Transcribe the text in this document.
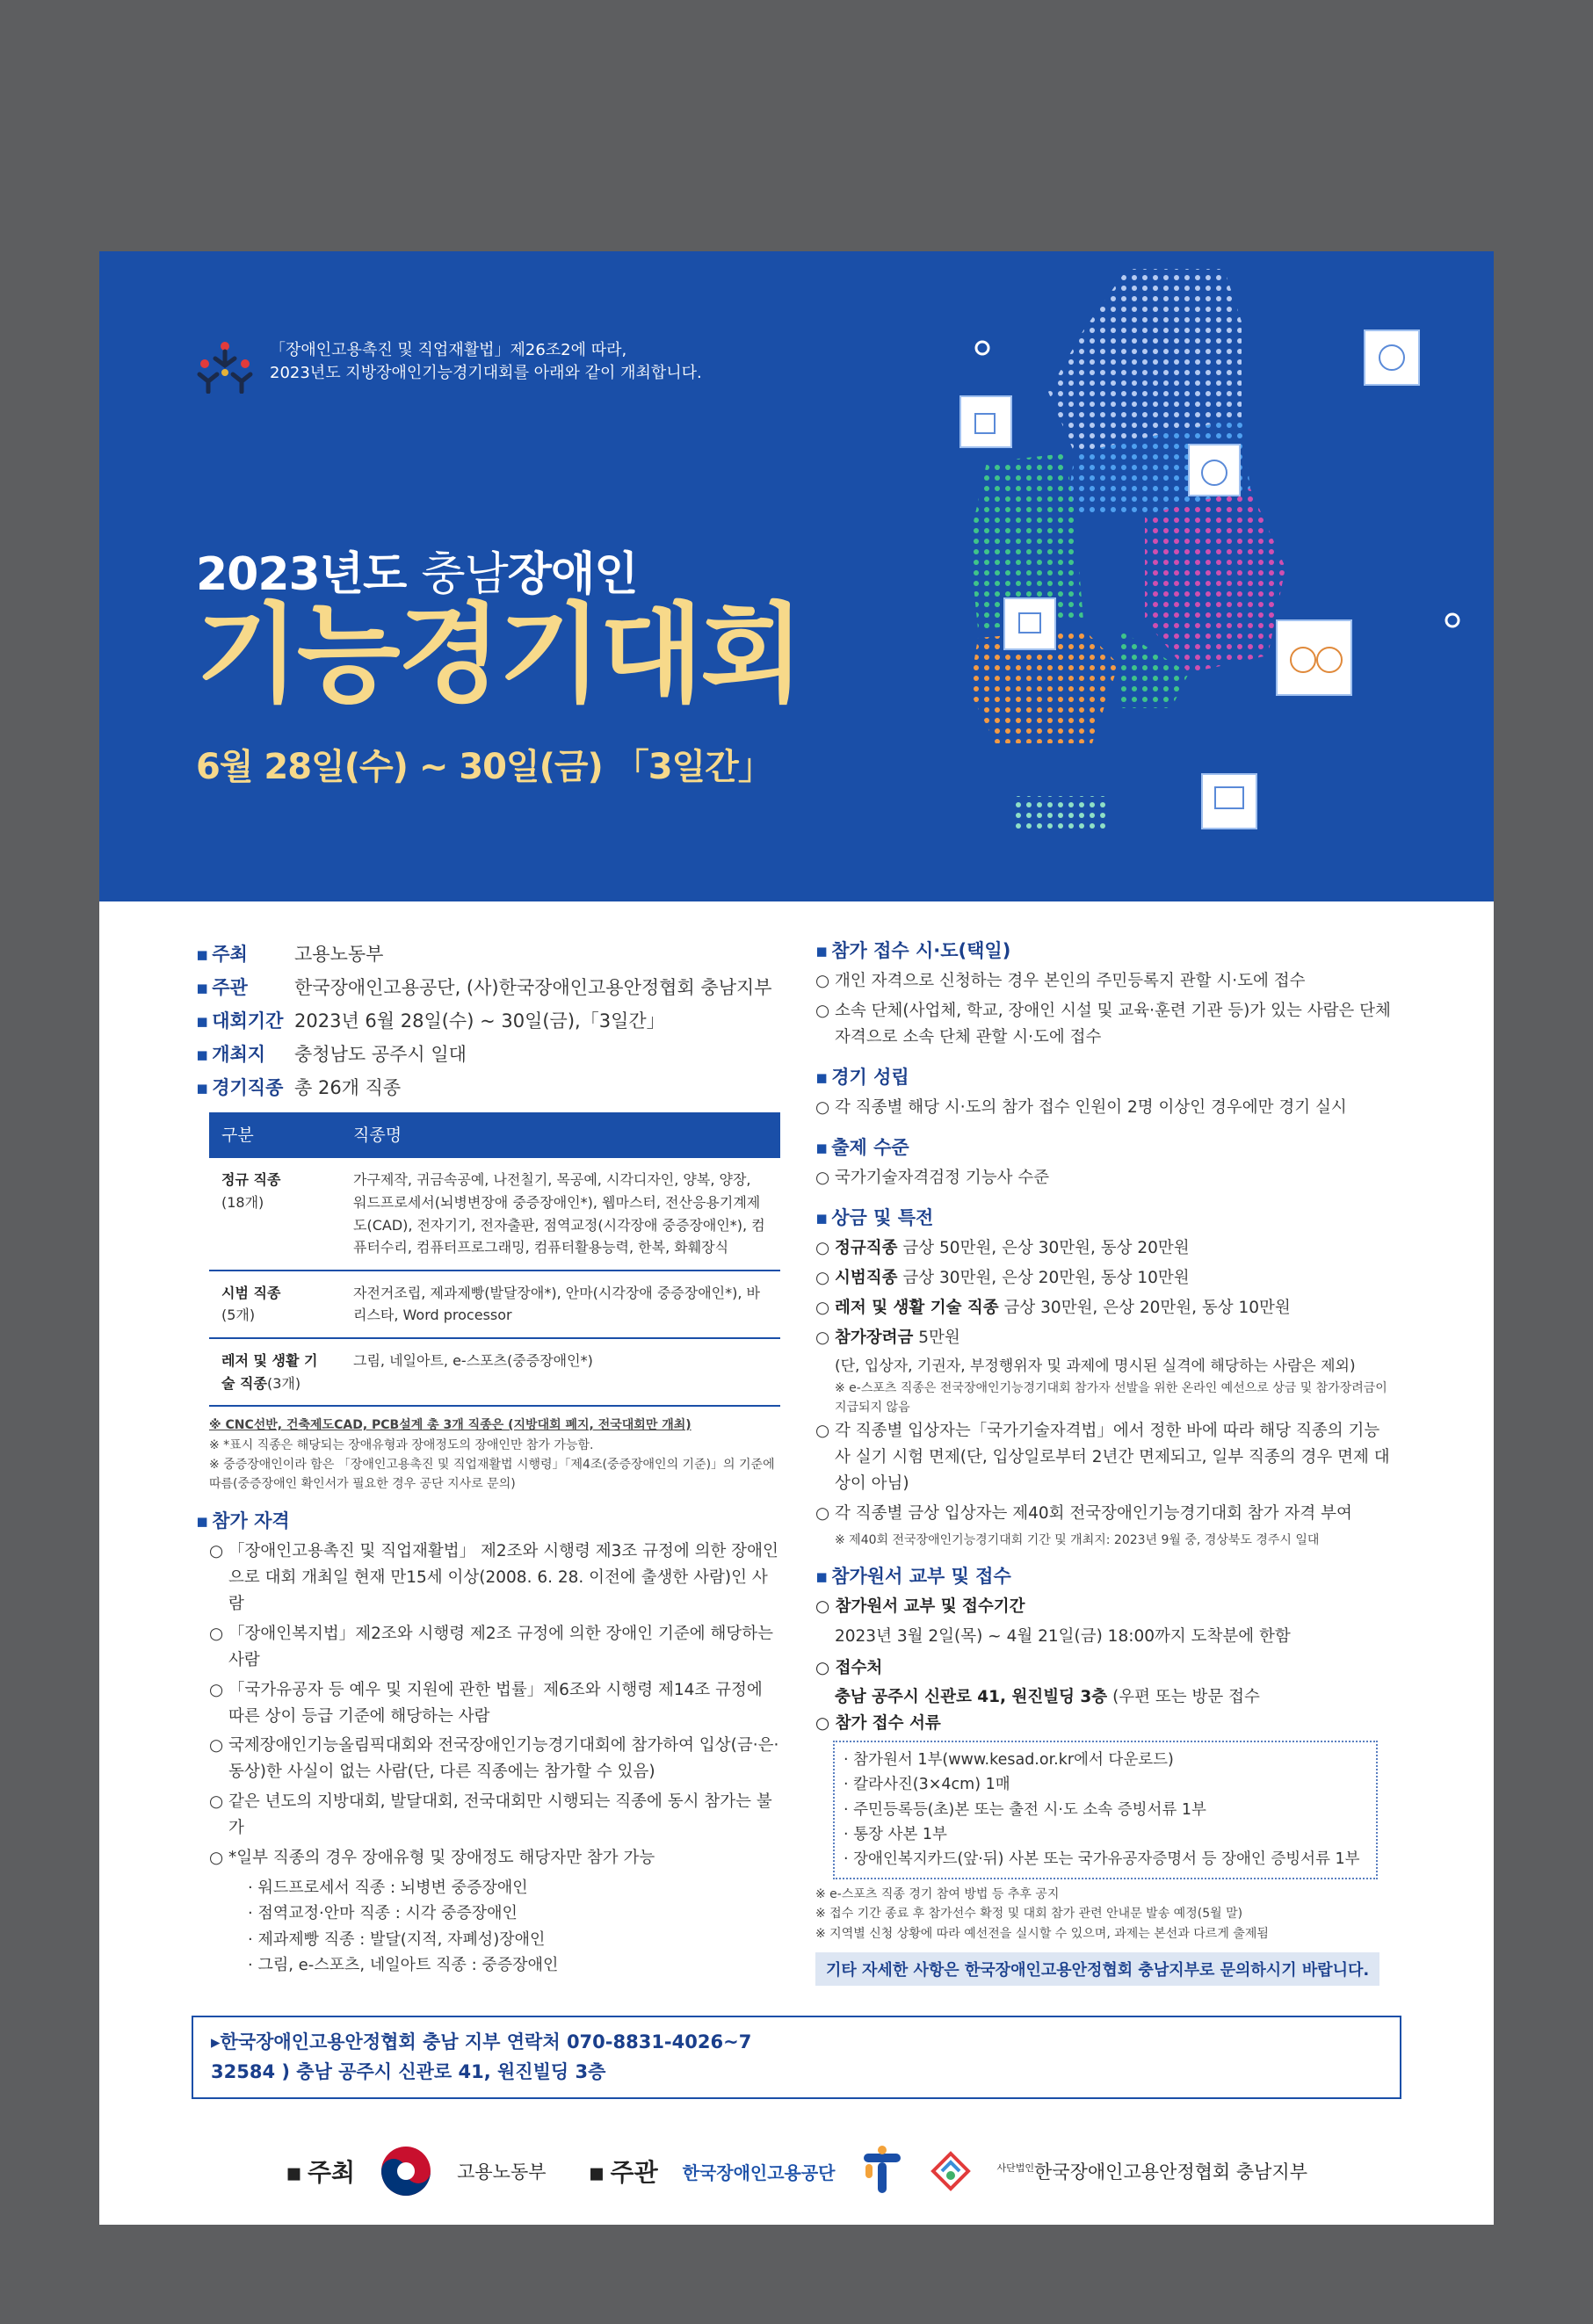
「장애인고용촉진 및 직업재활법」제26조2에 따라,
2023년도 지방장애인기능경기대회를 아래와 같이 개최합니다.
2023년도 충남장애인
기능경기대회
6월 28일(수) ~ 30일(금) 「3일간」
▪ 주최	고용노동부
▪ 주관	한국장애인고용공단, (사)한국장애인고용안정협회 충남지부
▪ 대회기간 2023년 6월 28일(수) ~ 30일(금),「3일간」
▪ 개최지	충청남도 공주시 일대
▪ 경기직종 총 26개 직종
구분	직종명

정규 직종
(18개)	가구제작, 귀금속공예, 나전칠기, 목공예, 시각디자인, 양복, 양장, 워드프로세서(뇌병변장애 중증장애인*), 웹마스터, 전산응용기계제도(CAD), 전자기기, 전자출판, 점역교정(시각장애 중증장애인*), 컴퓨터수리, 컴퓨터프로그래밍, 컴퓨터활용능력, 한복, 화훼장식

시범 직종
(5개)	자전거조립, 제과제빵(발달장애*), 안마(시각장애 중증장애인*), 바리스타, Word processor
레저 및 생활 기술 직종(3개)	그림, 네일아트, e-스포츠(중증장애인*)
※ CNC선반, 건축제도CAD, PCB설계 총 3개 직종은 (지방대회 폐지, 전국대회만 개최)
※ *표시 직종은 해당되는 장애유형과 장애정도의 장애인만 참가 가능함.
※ 중증장애인이라 함은 「장애인고용촉진 및 직업재활법 시행령」「제4조(중증장애인의 기준)」의 기준에 따름(중증장애인 확인서가 필요한 경우 공단 지사로 문의)
▪ 참가 자격
○ 「장애인고용촉진 및 직업재활법」 제2조와 시행령 제3조 규정에 의한 장애인으로 대회 개최일 현재 만15세 이상(2008. 6. 28. 이전에 출생한 사람)인 사람
○ 「장애인복지법」제2조와 시행령 제2조 규정에 의한 장애인 기준에 해당하는 사람
○ 「국가유공자 등 예우 및 지원에 관한 법률」제6조와 시행령 제14조 규정에 따른 상이 등급 기준에 해당하는 사람
○ 국제장애인기능올림픽대회와 전국장애인기능경기대회에 참가하여 입상(금·은·동상)한 사실이 없는 사람(단, 다른 직종에는 참가할 수 있음)
○ 같은 년도의 지방대회, 발달대회, 전국대회만 시행되는 직종에 동시 참가는 불가
○ *일부 직종의 경우 장애유형 및 장애정도 해당자만 참가 가능
· 워드프로세서 직종 : 뇌병변 중증장애인
· 점역교정·안마 직종 : 시각 중증장애인
· 제과제빵 직종 : 발달(지적, 자폐성)장애인
· 그림, e-스포츠, 네일아트 직종 : 중증장애인
▪ 참가 접수 시·도(택일)
○ 개인 자격으로 신청하는 경우 본인의 주민등록지 관할 시·도에 접수
○ 소속 단체(사업체, 학교, 장애인 시설 및 교육·훈련 기관 등)가 있는 사람은 단체 자격으로 소속 단체 관할 시·도에 접수
▪ 경기 성립
○ 각 직종별 해당 시·도의 참가 접수 인원이 2명 이상인 경우에만 경기 실시
▪ 출제 수준
○ 국가기술자격검정 기능사 수준
▪ 상금 및 특전
○ 정규직종 금상 50만원, 은상 30만원, 동상 20만원
○ 시범직종 금상 30만원, 은상 20만원, 동상 10만원
○ 레저 및 생활 기술 직종 금상 30만원, 은상 20만원, 동상 10만원
○ 참가장려금 5만원
(단, 입상자, 기권자, 부정행위자 및 과제에 명시된 실격에 해당하는 사람은 제외)
※ e-스포츠 직종은 전국장애인기능경기대회 참가자 선발을 위한 온라인 예선으로 상금 및 참가장려금이 지급되지 않음
○ 각 직종별 입상자는「국가기술자격법」에서 정한 바에 따라 해당 직종의 기능사 실기 시험 면제(단, 입상일로부터 2년간 면제되고, 일부 직종의 경우 면제 대상이 아님)
○ 각 직종별 금상 입상자는 제40회 전국장애인기능경기대회 참가 자격 부여
※ 제40회 전국장애인기능경기대회 기간 및 개최지: 2023년 9월 중, 경상북도 경주시 일대
▪ 참가원서 교부 및 접수
○ 참가원서 교부 및 접수기간
2023년 3월 2일(목) ~ 4월 21일(금) 18:00까지 도착분에 한함
○ 접수처
충남 공주시 신관로 41, 원진빌딩 3층 (우편 또는 방문 접수
○ 참가 접수 서류
· 참가원서 1부(www.kesad.or.kr에서 다운로드)
· 칼라사진(3×4cm) 1매
· 주민등록등(초)본 또는 출전 시·도 소속 증빙서류 1부
· 통장 사본 1부
· 장애인복지카드(앞·뒤) 사본 또는 국가유공자증명서 등 장애인 증빙서류 1부
※ e-스포츠 직종 경기 참여 방법 등 추후 공지
※ 접수 기간 종료 후 참가선수 확정 및 대회 참가 관련 안내문 발송 예정(5월 말)
※ 지역별 신청 상황에 따라 예선전을 실시할 수 있으며, 과제는 본선과 다르게 출제됨
기타 자세한 사항은 한국장애인고용안정협회 충남지부로 문의하시기 바랍니다.
▸ 한국장애인고용안정협회 충남 지부 연락처 070-8831-4026~7
32584 ) 충남 공주시 신관로 41, 원진빌딩 3층
▪ 주최	고용노동부	▪ 주관 한국장애인고용공단	$^{사단법인}$한국장애인고용안정협회 충남지부
